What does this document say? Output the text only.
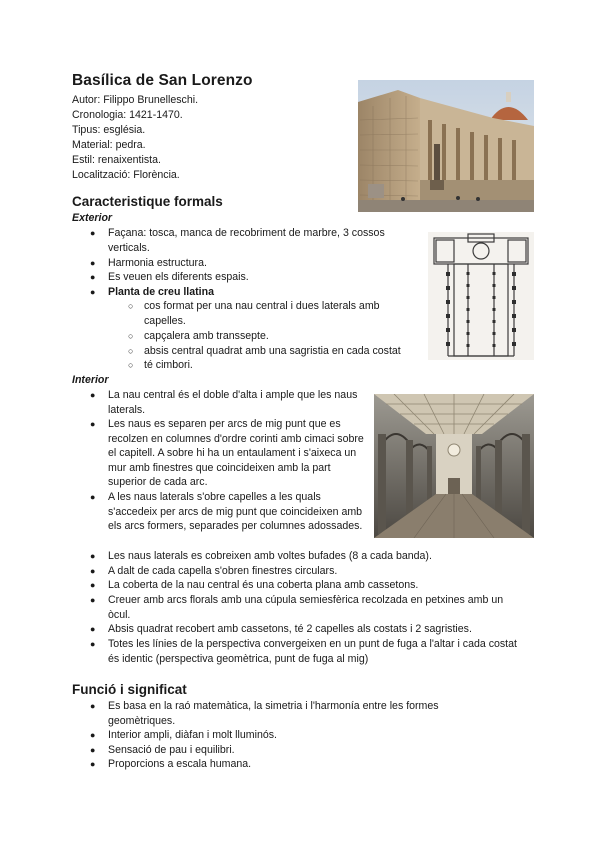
Basílica de San Lorenzo
Autor: Filippo Brunelleschi.
Cronologia: 1421-1470.
Tipus: església.
Material: pedra.
Estil: renaixentista.
Localització: Florència.
Caracteristique formals
Exterior
● Façana: tosca, manca de recobriment de marbre, 3 cossos verticals.
● Harmonia estructura.
● Es veuen els diferents espais.
● Planta de creu llatina
○ cos format per una nau central i dues laterals amb capelles.
○ capçalera amb transsepte.
○ absis central quadrat amb una sagristia en cada costat
○ té cimbori.
Interior
● La nau central és el doble d'alta i ample que les naus laterals.
● Les naus es separen per arcs de mig punt que es recolzen en columnes d'ordre corinti amb cimaci sobre el capitell. A sobre hi ha un entaulament i s'aixeca un mur amb finestres que coincideixen amb la part superior de cada arc.
● A les naus laterals s'obre capelles a les quals s'accedeix per arcs de mig punt que coincideixen amb els arcs formers, separades per columnes adossades.
● Les naus laterals es cobreixen amb voltes bufades (8 a cada banda).
● A dalt de cada capella s'obren finestres circulars.
● La coberta de la nau central és una coberta plana amb cassetons.
● Creuer amb arcs florals amb una cúpula semiesfèrica recolzada en petxines amb un òcul.
● Absis quadrat recobert amb cassetons, té 2 capelles als costats i 2 sagristies.
● Totes les línies de la perspectiva convergeixen en un punt de fuga a l'altar i cada costat és identic (perspectiva geomètrica, punt de fuga al mig)
Funció i significat
● Es basa en la raó matemàtica, la simetria i l'harmonía entre les formes geomètriques.
● Interior ampli, diàfan i molt lluminós.
● Sensació de pau i equilibri.
● Proporcions a escala humana.
